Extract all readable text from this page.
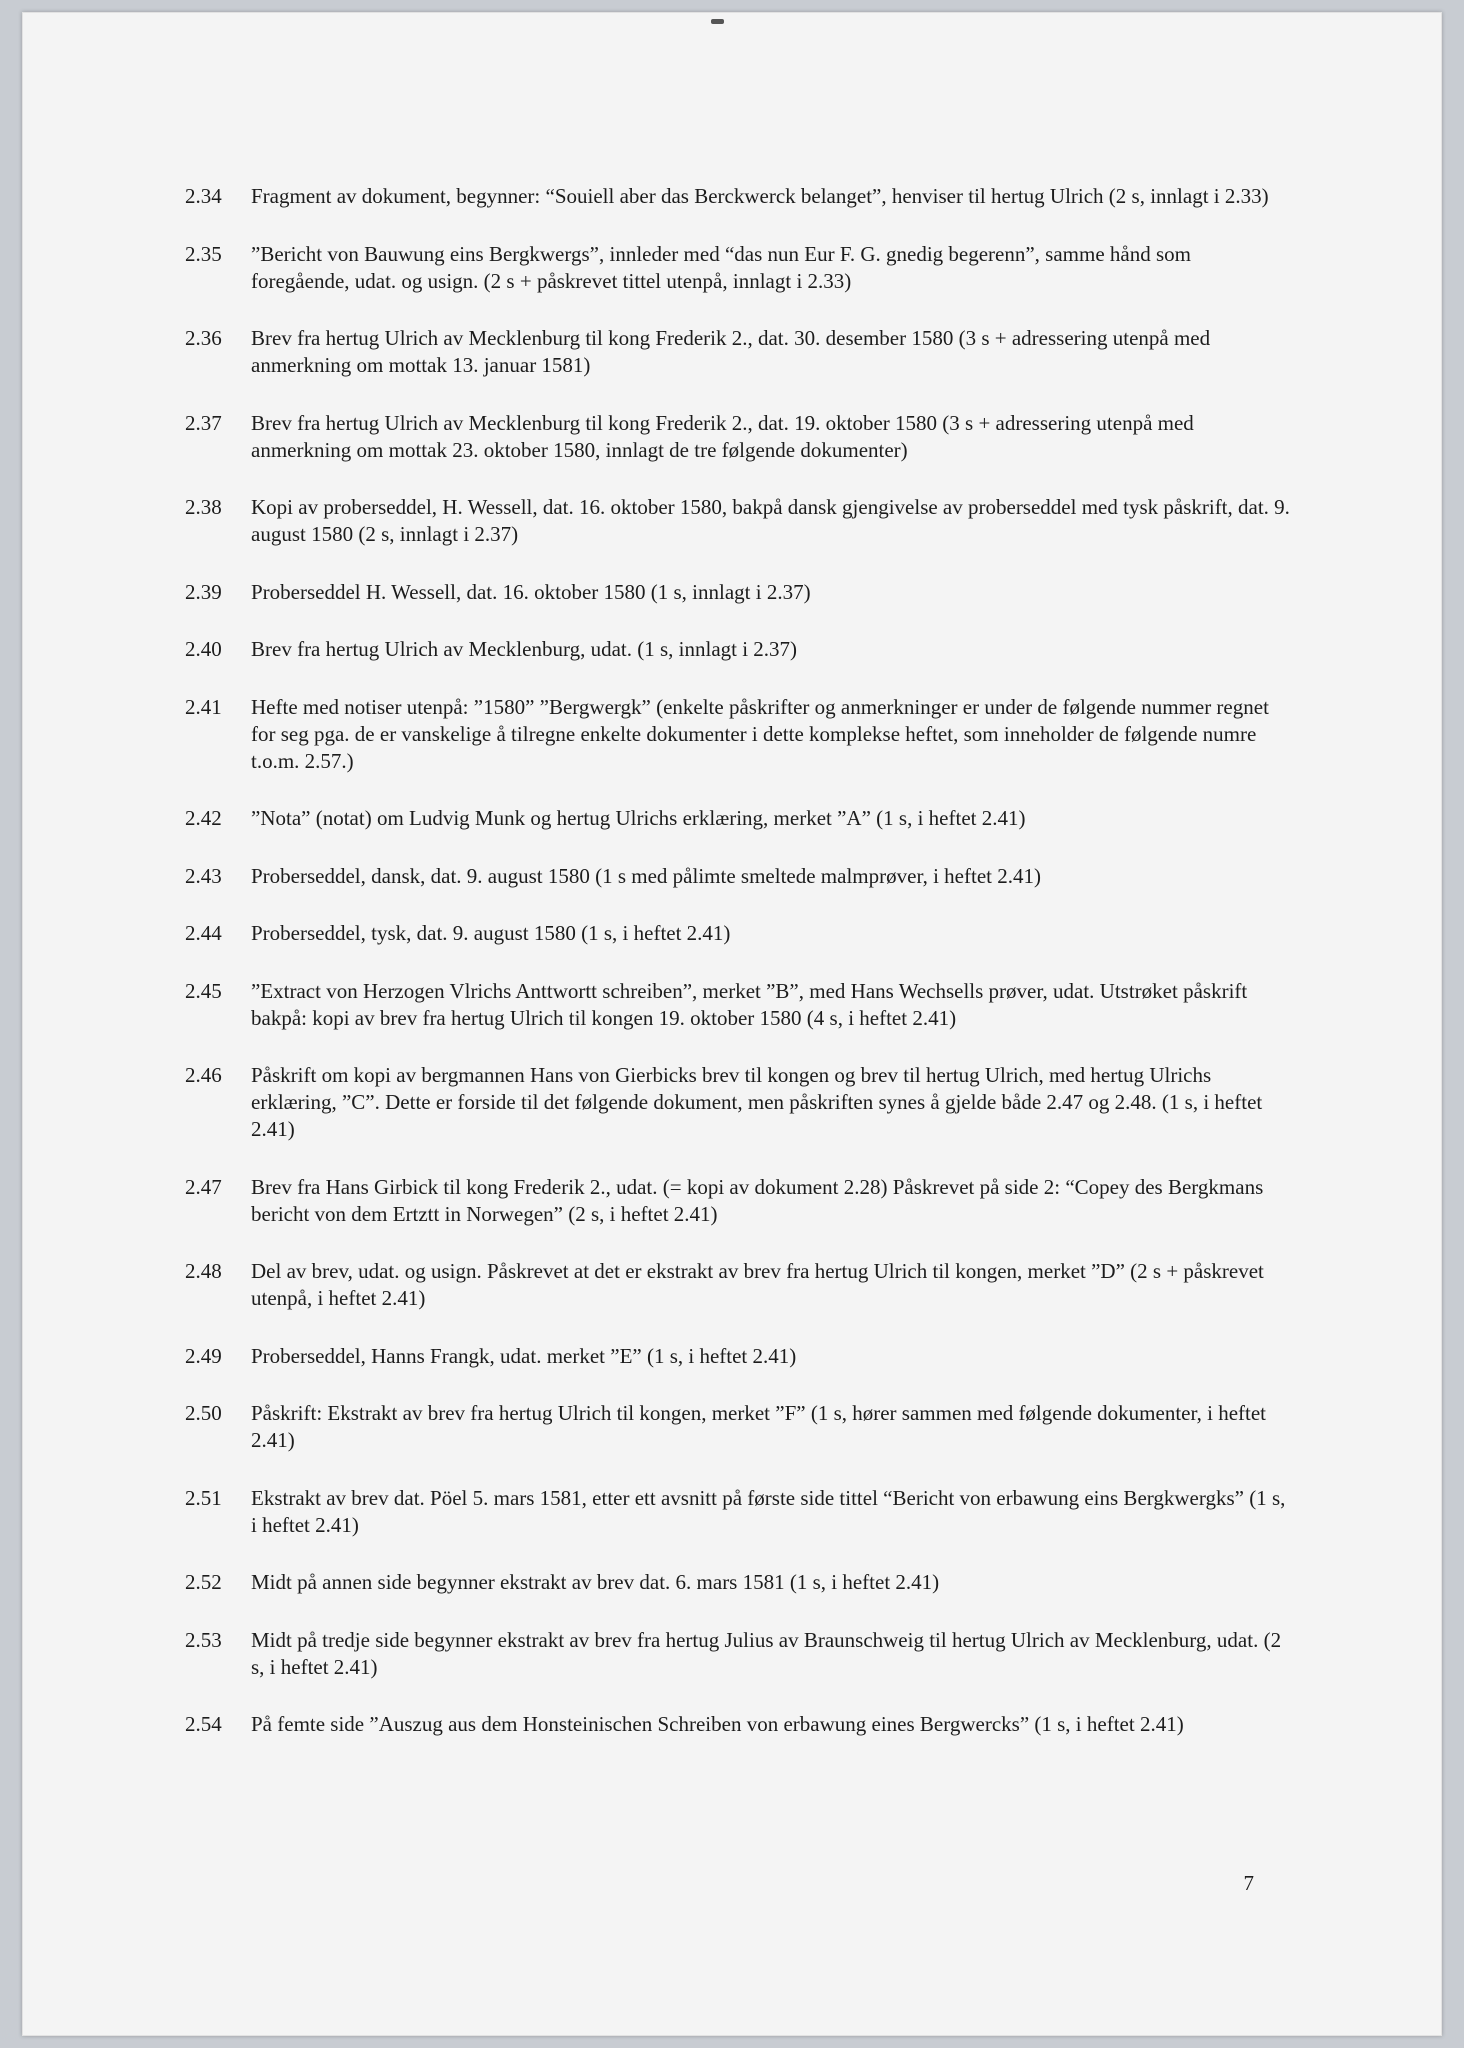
2.34	Fragment av dokument, begynner: “Souiell aber das Berckwerck belanget”, henviser til hertug Ulrich (2 s, innlagt i 2.33)
2.35	”Bericht von Bauwung eins Bergkwergs”, innleder med “das nun Eur F. G. gnedig begerenn”, samme hånd som foregående, udat. og usign. (2 s + påskrevet tittel utenpå, innlagt i 2.33)
2.36	Brev fra hertug Ulrich av Mecklenburg til kong Frederik 2., dat. 30. desember 1580 (3 s + adressering utenpå med anmerkning om mottak 13. januar 1581)
2.37	Brev fra hertug Ulrich av Mecklenburg til kong Frederik 2., dat. 19. oktober 1580 (3 s + adressering utenpå med anmerkning om mottak 23. oktober 1580, innlagt de tre følgende dokumenter)
2.38	Kopi av proberseddel, H. Wessell, dat. 16. oktober 1580, bakpå dansk gjengivelse av proberseddel med tysk påskrift, dat. 9. august 1580 (2 s, innlagt i 2.37)
2.39	Proberseddel H. Wessell, dat. 16. oktober 1580 (1 s, innlagt i 2.37)
2.40	Brev fra hertug Ulrich av Mecklenburg, udat. (1 s, innlagt i 2.37)
2.41	Hefte med notiser utenpå: ”1580” ”Bergwergk” (enkelte påskrifter og anmerkninger er under de følgende nummer regnet for seg pga. de er vanskelige å tilregne enkelte dokumenter i dette komplekse heftet, som inneholder de følgende numre t.o.m. 2.57.)
2.42	”Nota” (notat) om Ludvig Munk og hertug Ulrichs erklæring, merket ”A” (1 s, i heftet 2.41)
2.43	Proberseddel, dansk, dat. 9. august 1580 (1 s med pålimte smeltede malmprøver, i heftet 2.41)
2.44	Proberseddel, tysk, dat. 9. august 1580 (1 s, i heftet 2.41)
2.45	”Extract von Herzogen Vlrichs Anttwortt schreiben”, merket ”B”, med Hans Wechsells prøver, udat. Utstrøket påskrift bakpå: kopi av brev fra hertug Ulrich til kongen 19. oktober 1580 (4 s, i heftet 2.41)
2.46	Påskrift om kopi av bergmannen Hans von Gierbicks brev til kongen og brev til hertug Ulrich, med hertug Ulrichs erklæring, ”C”. Dette er forside til det følgende dokument, men påskriften synes å gjelde både 2.47 og 2.48. (1 s, i heftet 2.41)
2.47	Brev fra Hans Girbick til kong Frederik 2., udat. (= kopi av dokument 2.28) Påskrevet på side 2: “Copey des Bergkmans bericht von dem Ertztt in Norwegen” (2 s, i heftet 2.41)
2.48	Del av brev, udat. og usign. Påskrevet at det er ekstrakt av brev fra hertug Ulrich til kongen, merket ”D” (2 s + påskrevet utenpå, i heftet 2.41)
2.49	Proberseddel, Hanns Frangk, udat. merket ”E” (1 s, i heftet 2.41)
2.50	Påskrift: Ekstrakt av brev fra hertug Ulrich til kongen, merket ”F” (1 s, hører sammen med følgende dokumenter, i heftet 2.41)
2.51	Ekstrakt av brev dat. Pöel 5. mars 1581, etter ett avsnitt på første side tittel “Bericht von erbawung eins Bergkwergks” (1 s, i heftet 2.41)
2.52	Midt på annen side begynner ekstrakt av brev dat. 6. mars 1581 (1 s, i heftet 2.41)
2.53	Midt på tredje side begynner ekstrakt av brev fra hertug Julius av Braunschweig til hertug Ulrich av Mecklenburg, udat. (2 s, i heftet 2.41)
2.54	På femte side ”Auszug aus dem Honsteinischen Schreiben von erbawung eines Bergwercks” (1 s, i heftet 2.41)
7
